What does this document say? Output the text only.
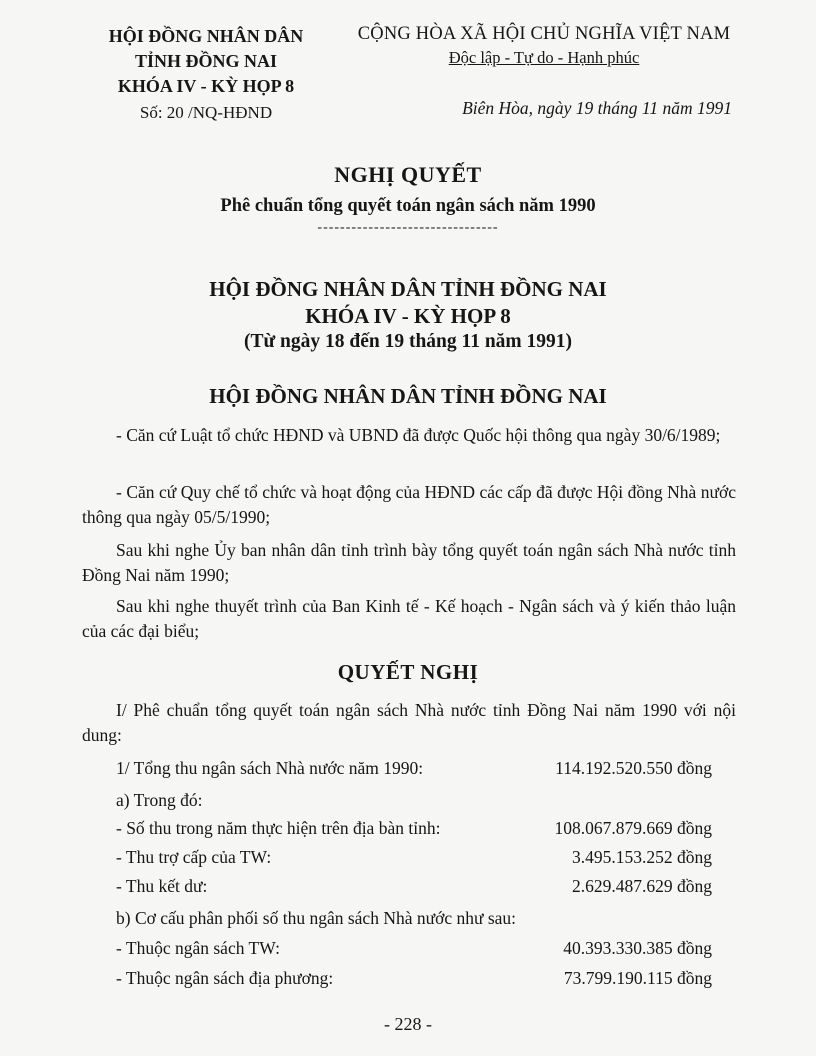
HỘI ĐỒNG NHÂN DÂN
TỈNH ĐỒNG NAI
KHÓA IV - KỲ HỌP 8
Số: 20 /NQ-HĐND
CỘNG HÒA XÃ HỘI CHỦ NGHĨA VIỆT NAM
Độc lập - Tự do - Hạnh phúc
Biên Hòa, ngày 19 tháng 11 năm 1991
NGHỊ QUYẾT
Phê chuẩn tổng quyết toán ngân sách năm 1990
--------------------------------
HỘI ĐỒNG NHÂN DÂN TỈNH ĐỒNG NAI
KHÓA IV - KỲ HỌP 8
(Từ ngày 18 đến 19 tháng 11 năm 1991)
HỘI ĐỒNG NHÂN DÂN TỈNH ĐỒNG NAI
- Căn cứ Luật tổ chức HĐND và UBND đã được Quốc hội thông qua ngày 30/6/1989;
- Căn cứ Quy chế tổ chức và hoạt động của HĐND các cấp đã được Hội đồng Nhà nước thông qua ngày 05/5/1990;
Sau khi nghe Ủy ban nhân dân tỉnh trình bày tổng quyết toán ngân sách Nhà nước tỉnh Đồng Nai năm 1990;
Sau khi nghe thuyết trình của Ban Kinh tế - Kế hoạch - Ngân sách và ý kiến thảo luận của các đại biểu;
QUYẾT NGHỊ
I/ Phê chuẩn tổng quyết toán ngân sách Nhà nước tỉnh Đồng Nai năm 1990 với nội dung:
1/ Tổng thu ngân sách Nhà nước năm 1990:	114.192.520.550 đồng
a) Trong đó:
- Số thu trong năm thực hiện trên địa bàn tỉnh:	108.067.879.669 đồng
- Thu trợ cấp của TW:	3.495.153.252 đồng
- Thu kết dư:	2.629.487.629 đồng
b) Cơ cấu phân phối số thu ngân sách Nhà nước như sau:
- Thuộc ngân sách TW:	40.393.330.385 đồng
- Thuộc ngân sách địa phương:	73.799.190.115 đồng
- 228 -
